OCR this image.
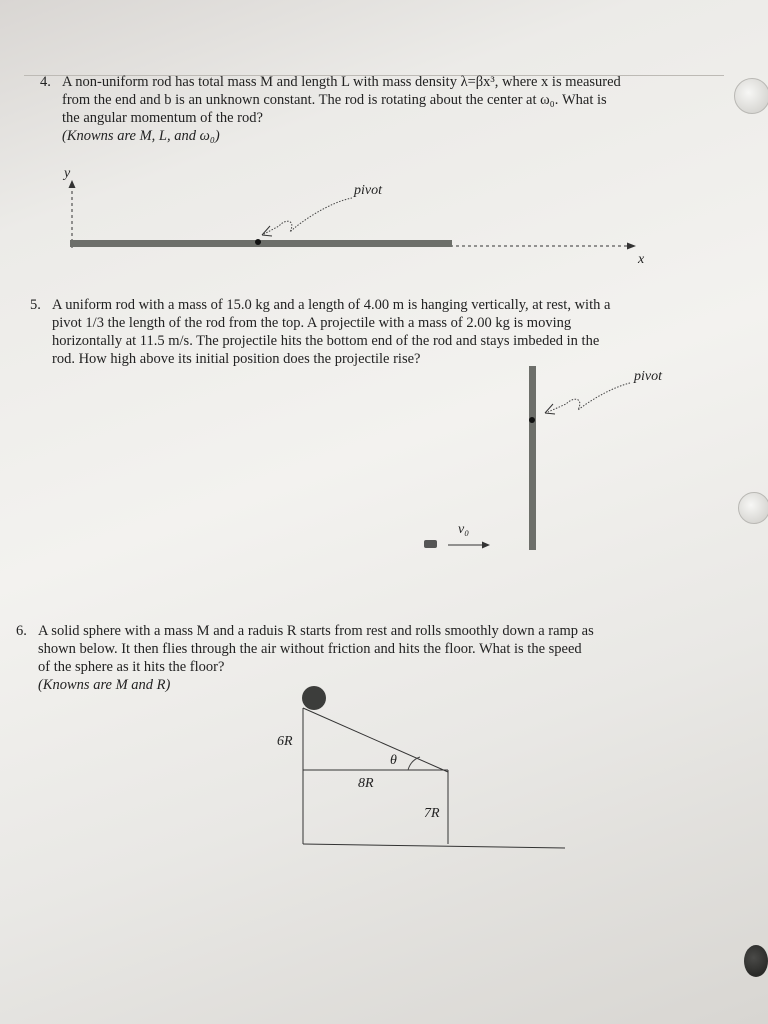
4. A non-uniform rod has total mass M and length L with mass density λ=βx³, where x is measured

from the end and b is an unknown constant. The rod is rotating about the center at ω₀. What is

the angular momentum of the rod?

(Knowns are M, L, and ω₀)

y
pivot
x
5. A uniform rod with a mass of 15.0 kg and a length of 4.00 m is hanging vertically, at rest, with a

pivot 1/3 the length of the rod from the top. A projectile with a mass of 2.00 kg is moving

horizontally at 11.5 m/s. The projectile hits the bottom end of the rod and stays imbeded in the

rod. How high above its initial position does the projectile rise?

pivot
v₀
6. A solid sphere with a mass M and a raduis R starts from rest and rolls smoothly down a ramp as

shown below. It then flies through the air without friction and hits the floor. What is the speed

of the sphere as it hits the floor?

(Knowns are M and R)

6R
θ
8R
7R
